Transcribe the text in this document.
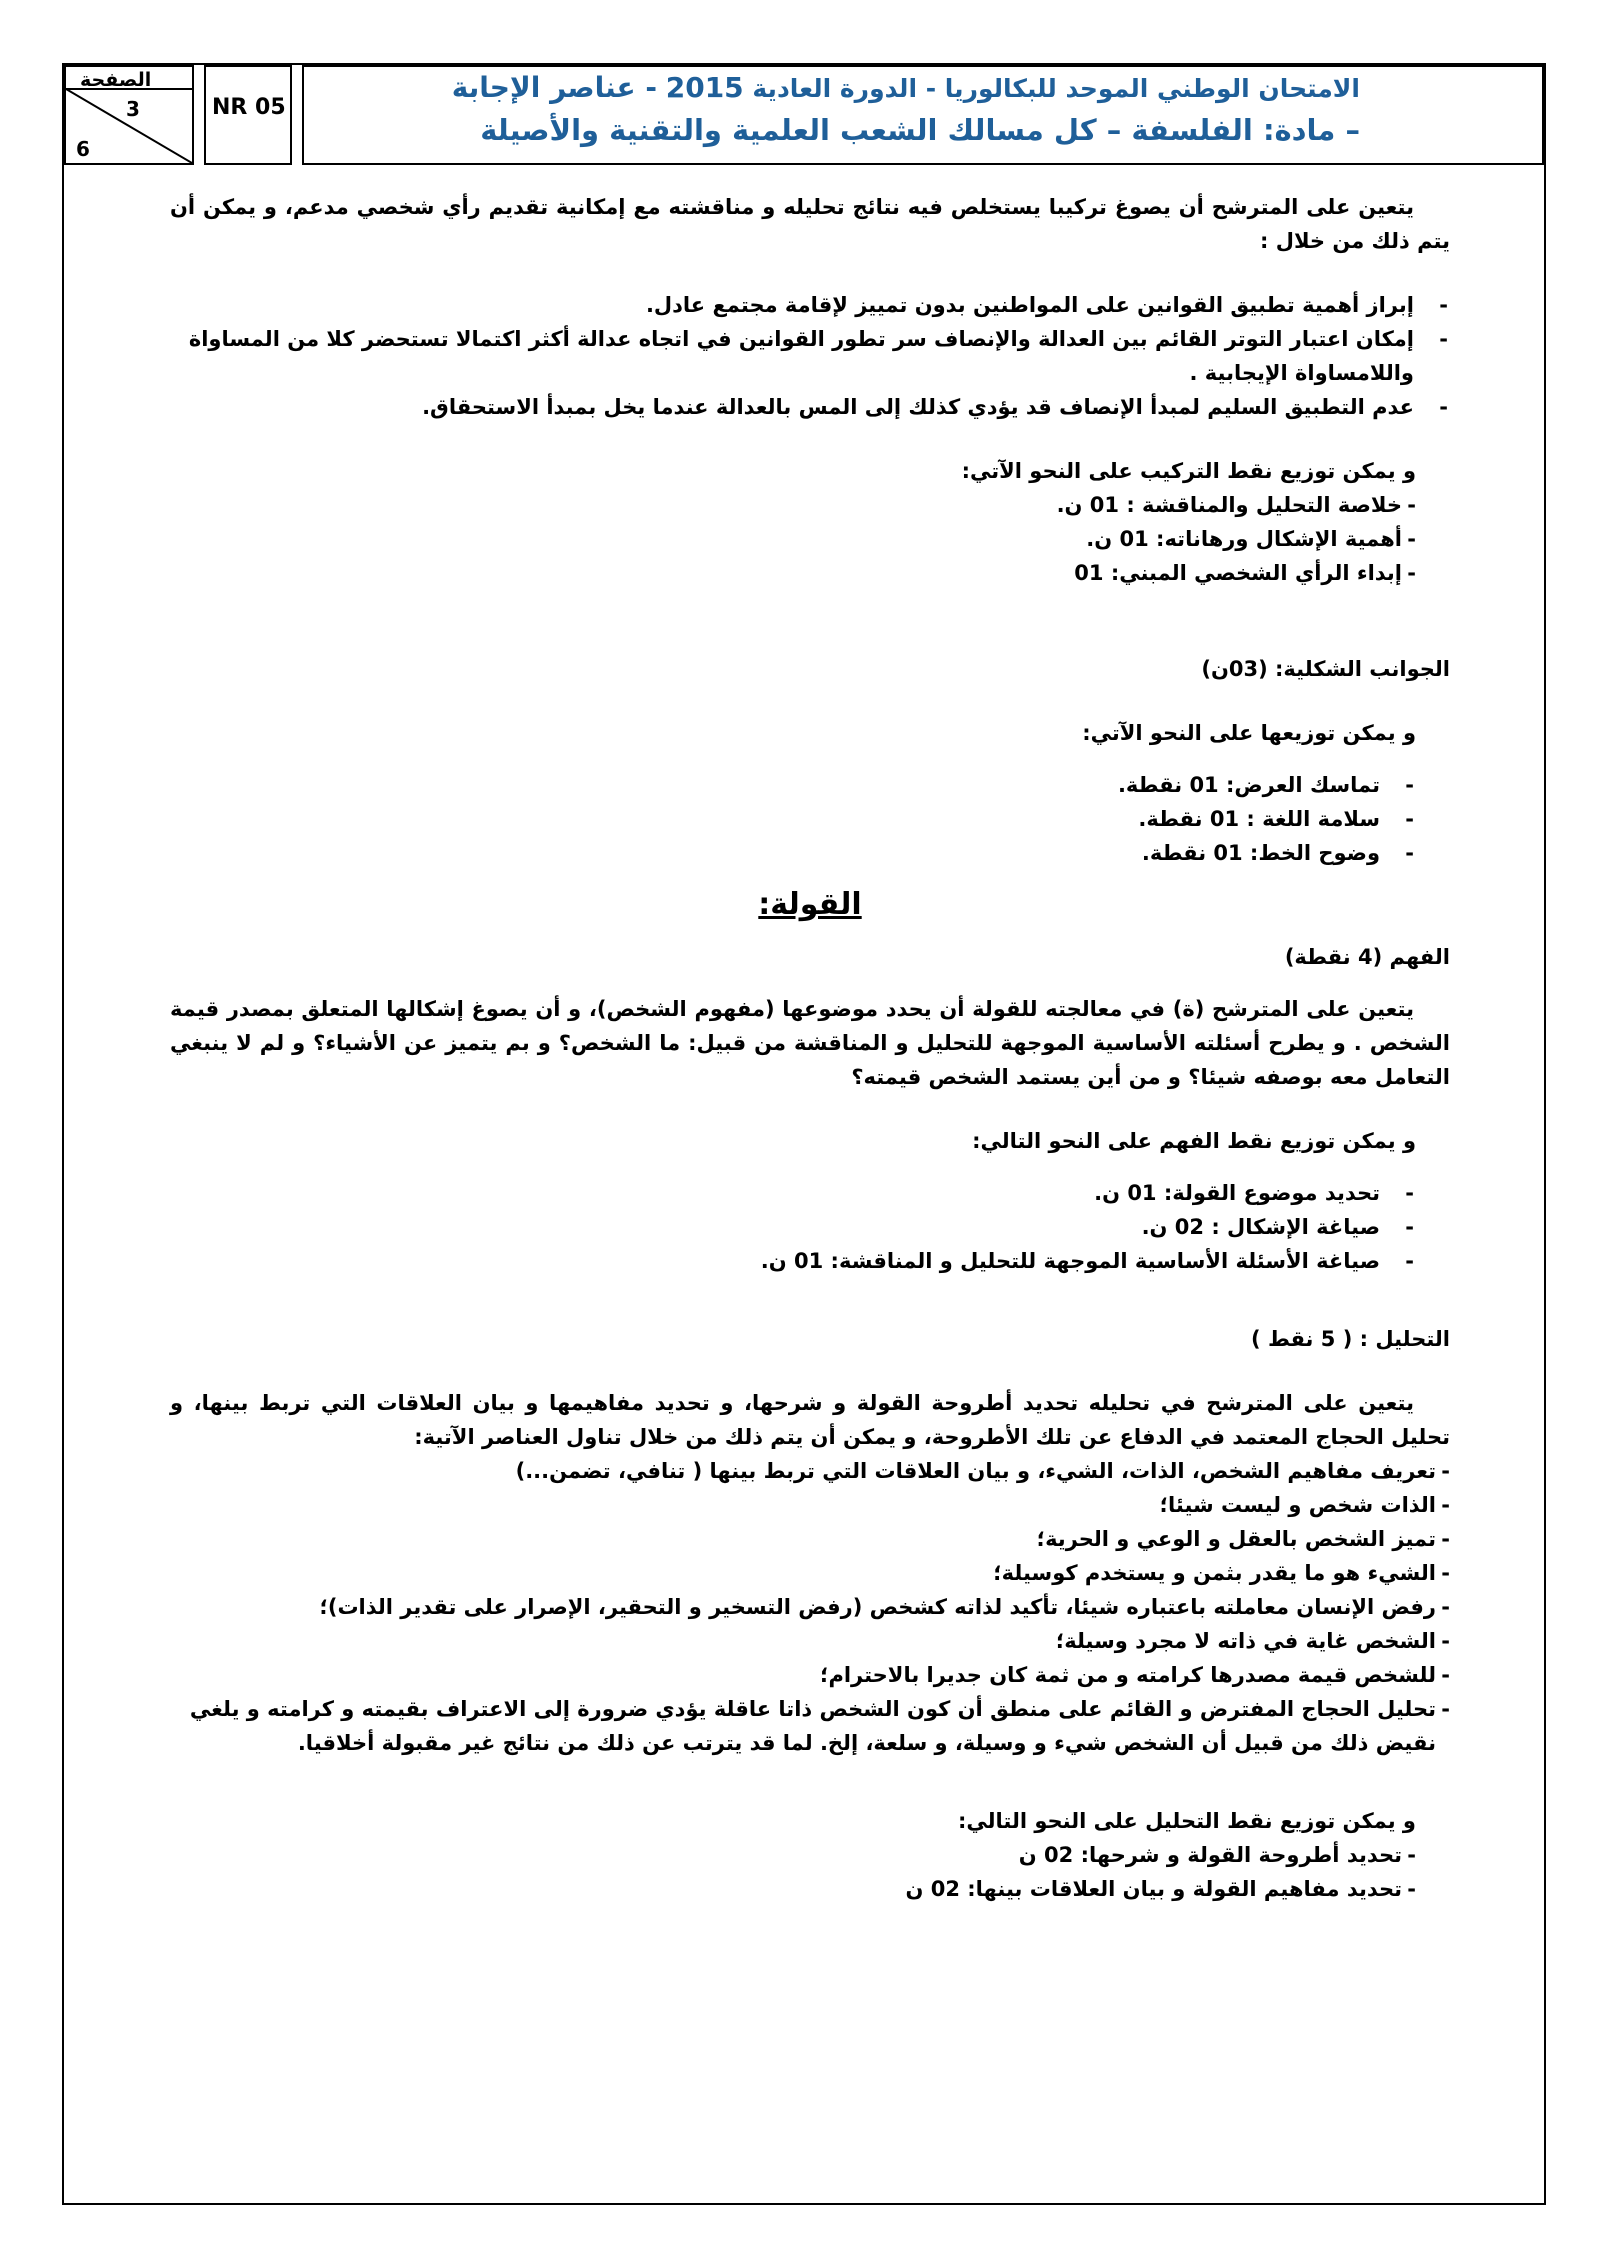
الصفحة
3
6
NR 05
الامتحان الوطني الموحد للبكالوريا - الدورة العادية 2015 - عناصر الإجابة
– مادة: الفلسفة – كل مسالك الشعب العلمية والتقنية والأصيلة

يتعين على المترشح أن يصوغ تركيبا يستخلص فيه نتائج تحليله و مناقشته مع إمكانية تقديم رأي شخصي مدعم، و يمكن أن يتم ذلك من خلال :

- إبراز أهمية تطبيق القوانين على المواطنين بدون تمييز لإقامة مجتمع عادل.
- إمكان اعتبار التوتر القائم بين العدالة والإنصاف سر تطور القوانين في اتجاه عدالة أكثر اكتمالا تستحضر كلا من المساواة واللامساواة الإيجابية .
- عدم التطبيق السليم لمبدأ الإنصاف قد يؤدي كذلك إلى المس بالعدالة عندما يخل بمبدأ الاستحقاق.

و يمكن توزيع نقط التركيب على النحو الآتي:

- خلاصة التحليل والمناقشة : 01 ن.
- أهمية الإشكال ورهاناته: 01 ن.
- إبداء الرأي الشخصي المبني: 01

الجوانب الشكلية: (03ن)

و يمكن توزيعها على النحو الآتي:

- تماسك العرض: 01 نقطة.
- سلامة اللغة : 01 نقطة.
- وضوح الخط: 01 نقطة.

القولة:

الفهم (4 نقطة)

يتعين على المترشح (ة) في معالجته للقولة أن يحدد موضوعها (مفهوم الشخص)، و أن يصوغ إشكالها المتعلق بمصدر قيمة الشخص . و يطرح أسئلته الأساسية الموجهة للتحليل و المناقشة من قبيل: ما الشخص؟ و بم يتميز عن الأشياء؟ و لم لا ينبغي التعامل معه بوصفه شيئا؟ و من أين يستمد الشخص قيمته؟

و يمكن توزيع نقط الفهم على النحو التالي:

- تحديد موضوع القولة: 01 ن.
- صياغة الإشكال : 02 ن.
- صياغة الأسئلة الأساسية الموجهة للتحليل و المناقشة: 01 ن.

التحليل : ( 5 نقط )

يتعين على المترشح في تحليله تحديد أطروحة القولة و شرحها، و تحديد مفاهيمها و بيان العلاقات التي تربط بينها، و تحليل الحجاج المعتمد في الدفاع عن تلك الأطروحة، و يمكن أن يتم ذلك من خلال تناول العناصر الآتية:

- تعريف مفاهيم الشخص، الذات، الشيء، و بيان العلاقات التي تربط بينها ( تنافي، تضمن...)
- الذات شخص و ليست شيئا؛
- تميز الشخص بالعقل و الوعي و الحرية؛
- الشيء هو ما يقدر بثمن و يستخدم كوسيلة؛
- رفض الإنسان معاملته باعتباره شيئا، تأكيد لذاته كشخص (رفض التسخير و التحقير، الإصرار على تقدير الذات)؛
- الشخص غاية في ذاته لا مجرد وسيلة؛
- للشخص قيمة مصدرها كرامته و من ثمة كان جديرا بالاحترام؛
- تحليل الحجاج المفترض و القائم على منطق أن كون الشخص ذاتا عاقلة يؤدي ضرورة إلى الاعتراف بقيمته و كرامته و يلغي نقيض ذلك من قبيل أن الشخص شيء و وسيلة، و سلعة، إلخ. لما قد يترتب عن ذلك من نتائج غير مقبولة أخلاقيا.

و يمكن توزيع نقط التحليل على النحو التالي:

- تحديد أطروحة القولة و شرحها: 02 ن
- تحديد مفاهيم القولة و بيان العلاقات بينها: 02 ن
